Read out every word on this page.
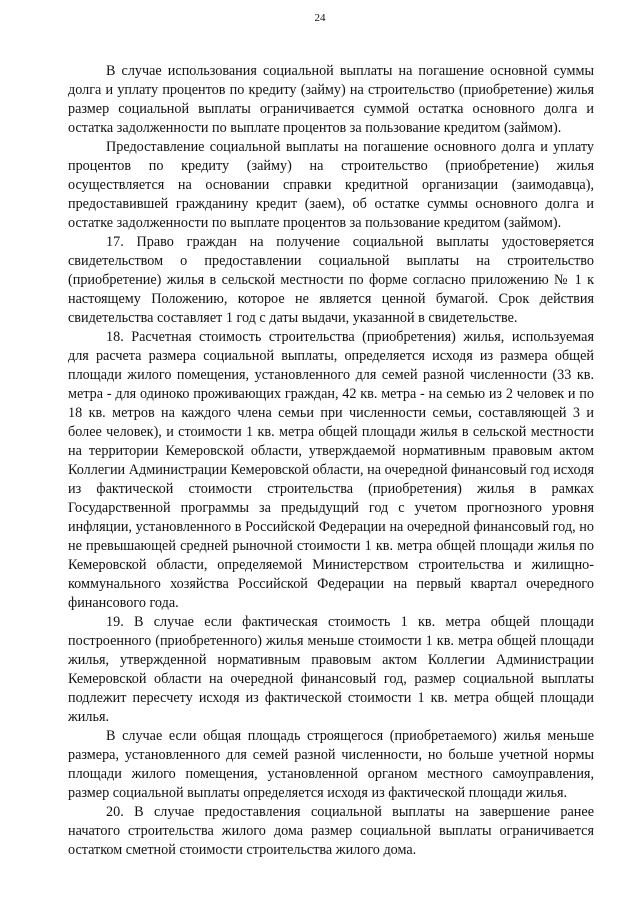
24

В случае использования социальной выплаты на погашение основной суммы долга и уплату процентов по кредиту (займу) на строительство (приобретение) жилья размер социальной выплаты ограничивается суммой остатка основного долга и остатка задолженности по выплате процентов за пользование кредитом (займом).

Предоставление социальной выплаты на погашение основного долга и уплату процентов по кредиту (займу) на строительство (приобретение) жилья осуществляется на основании справки кредитной организации (заимодавца), предоставившей гражданину кредит (заем), об остатке суммы основного долга и остатке задолженности по выплате процентов за пользование кредитом (займом).

17. Право граждан на получение социальной выплаты удостоверяется свидетельством о предоставлении социальной выплаты на строительство (приобретение) жилья в сельской местности по форме согласно приложению № 1 к настоящему Положению, которое не является ценной бумагой. Срок действия свидетельства составляет 1 год с даты выдачи, указанной в свидетельстве.

18. Расчетная стоимость строительства (приобретения) жилья, используемая для расчета размера социальной выплаты, определяется исходя из размера общей площади жилого помещения, установленного для семей разной численности (33 кв. метра - для одиноко проживающих граждан, 42 кв. метра - на семью из 2 человек и по 18 кв. метров на каждого члена семьи при численности семьи, составляющей 3 и более человек), и стоимости 1 кв. метра общей площади жилья в сельской местности на территории Кемеровской области, утверждаемой нормативным правовым актом Коллегии Администрации Кемеровской области, на очередной финансовый год исходя из фактической стоимости строительства (приобретения) жилья в рамках Государственной программы за предыдущий год с учетом прогнозного уровня инфляции, установленного в Российской Федерации на очередной финансовый год, но не превышающей средней рыночной стоимости 1 кв. метра общей площади жилья по Кемеровской области, определяемой Министерством строительства и жилищно-коммунального хозяйства Российской Федерации на первый квартал очередного финансового года.

19. В случае если фактическая стоимость 1 кв. метра общей площади построенного (приобретенного) жилья меньше стоимости 1 кв. метра общей площади жилья, утвержденной нормативным правовым актом Коллегии Администрации Кемеровской области на очередной финансовый год, размер социальной выплаты подлежит пересчету исходя из фактической стоимости 1 кв. метра общей площади жилья.

В случае если общая площадь строящегося (приобретаемого) жилья меньше размера, установленного для семей разной численности, но больше учетной нормы площади жилого помещения, установленной органом местного самоуправления, размер социальной выплаты определяется исходя из фактической площади жилья.

20. В случае предоставления социальной выплаты на завершение ранее начатого строительства жилого дома размер социальной выплаты ограничивается остатком сметной стоимости строительства жилого дома.
